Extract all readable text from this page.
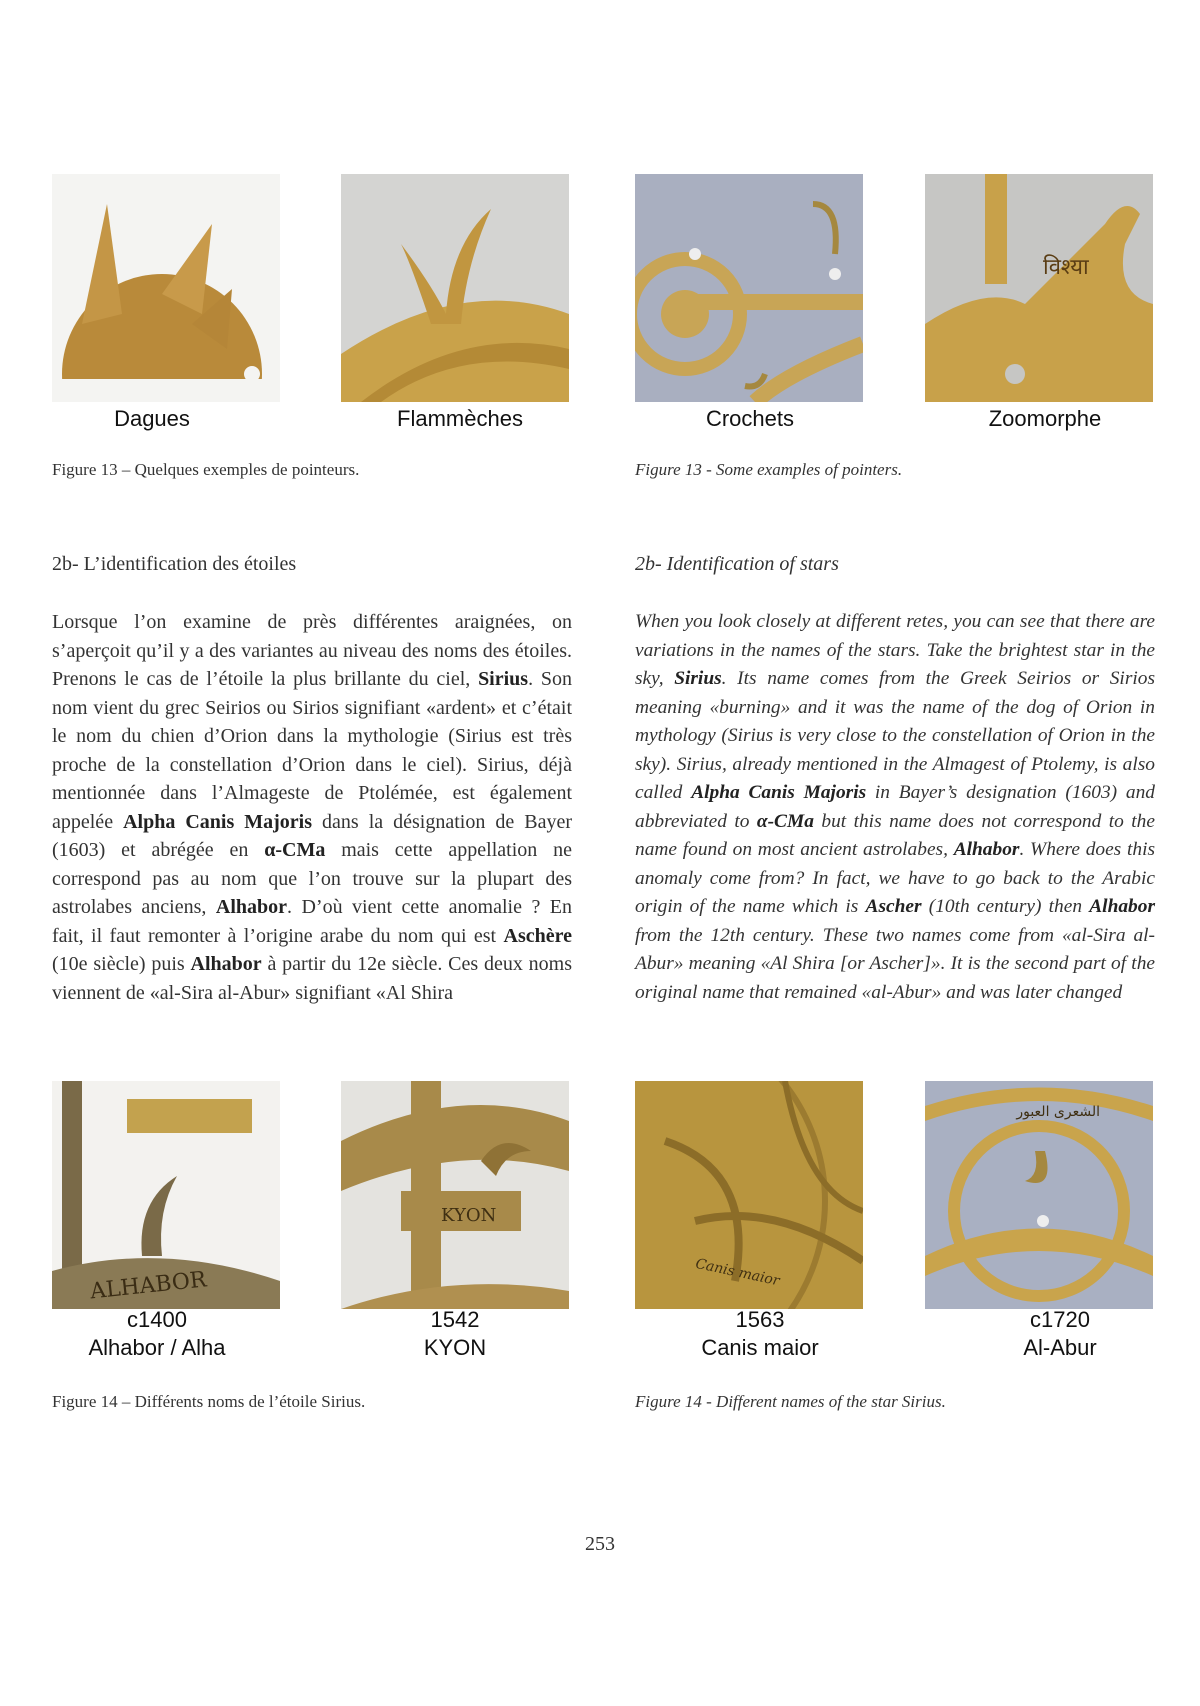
विश्या
Dagues	Flammèches	Crochets	Zoomorphe
Figure 13 – Quelques exemples de pointeurs.	Figure 13 - Some examples of pointers.
2b- L’identification des étoiles	2b- Identification of stars

Lorsque l’on examine de près différentes araignées, on s’aperçoit qu’il y a des variantes au niveau des noms des étoiles. Prenons le cas de l’étoile la plus brillante du ciel, Sirius. Son nom vient du grec Seirios ou Sirios signifiant «ardent» et c’était le nom du chien d’Orion dans la mythologie (Sirius est très proche de la constellation d’Orion dans le ciel). Sirius, déjà mentionnée dans l’Almageste de Ptolémée, est également appelée Alpha Canis Majoris dans la désignation de Bayer (1603) et abrégée en α-CMa mais cette appellation ne correspond pas au nom que l’on trouve sur la plupart des astrolabes anciens, Alhabor. D’où vient cette anomalie ? En fait, il faut remonter à l’origine arabe du nom qui est Aschère (10e siècle) puis Alhabor à partir du 12e siècle. Ces deux noms viennent de «al-Sira al-Abur» signifiant «Al Shira

When you look closely at different retes, you can see that there are variations in the names of the stars. Take the brightest star in the sky, Sirius. Its name comes from the Greek Seirios or Sirios meaning «burning» and it was the name of the dog of Orion in mythology (Sirius is very close to the constellation of Orion in the sky). Sirius, already mentioned in the Almagest of Ptolemy, is also called Alpha Canis Majoris in Bayer’s designation (1603) and abbreviated to α-CMa but this name does not correspond to the name found on most ancient astrolabes, Alhabor. Where does this anomaly come from? In fact, we have to go back to the Arabic origin of the name which is Ascher (10th century) then Alhabor from the 12th century. These two names come from «al-Sira al-Abur» meaning «Al Shira [or Ascher]». It is the second part of the original name that remained «al-Abur» and was later changed

ALHABOR
KYON
Canis maior
الشعرى العبور
c1400
Alhabor / Alha
1542
KYON
1563
Canis maior
c1720
Al-Abur
Figure 14 – Différents noms de l’étoile Sirius.	Figure 14 - Different names of the star Sirius.
253
